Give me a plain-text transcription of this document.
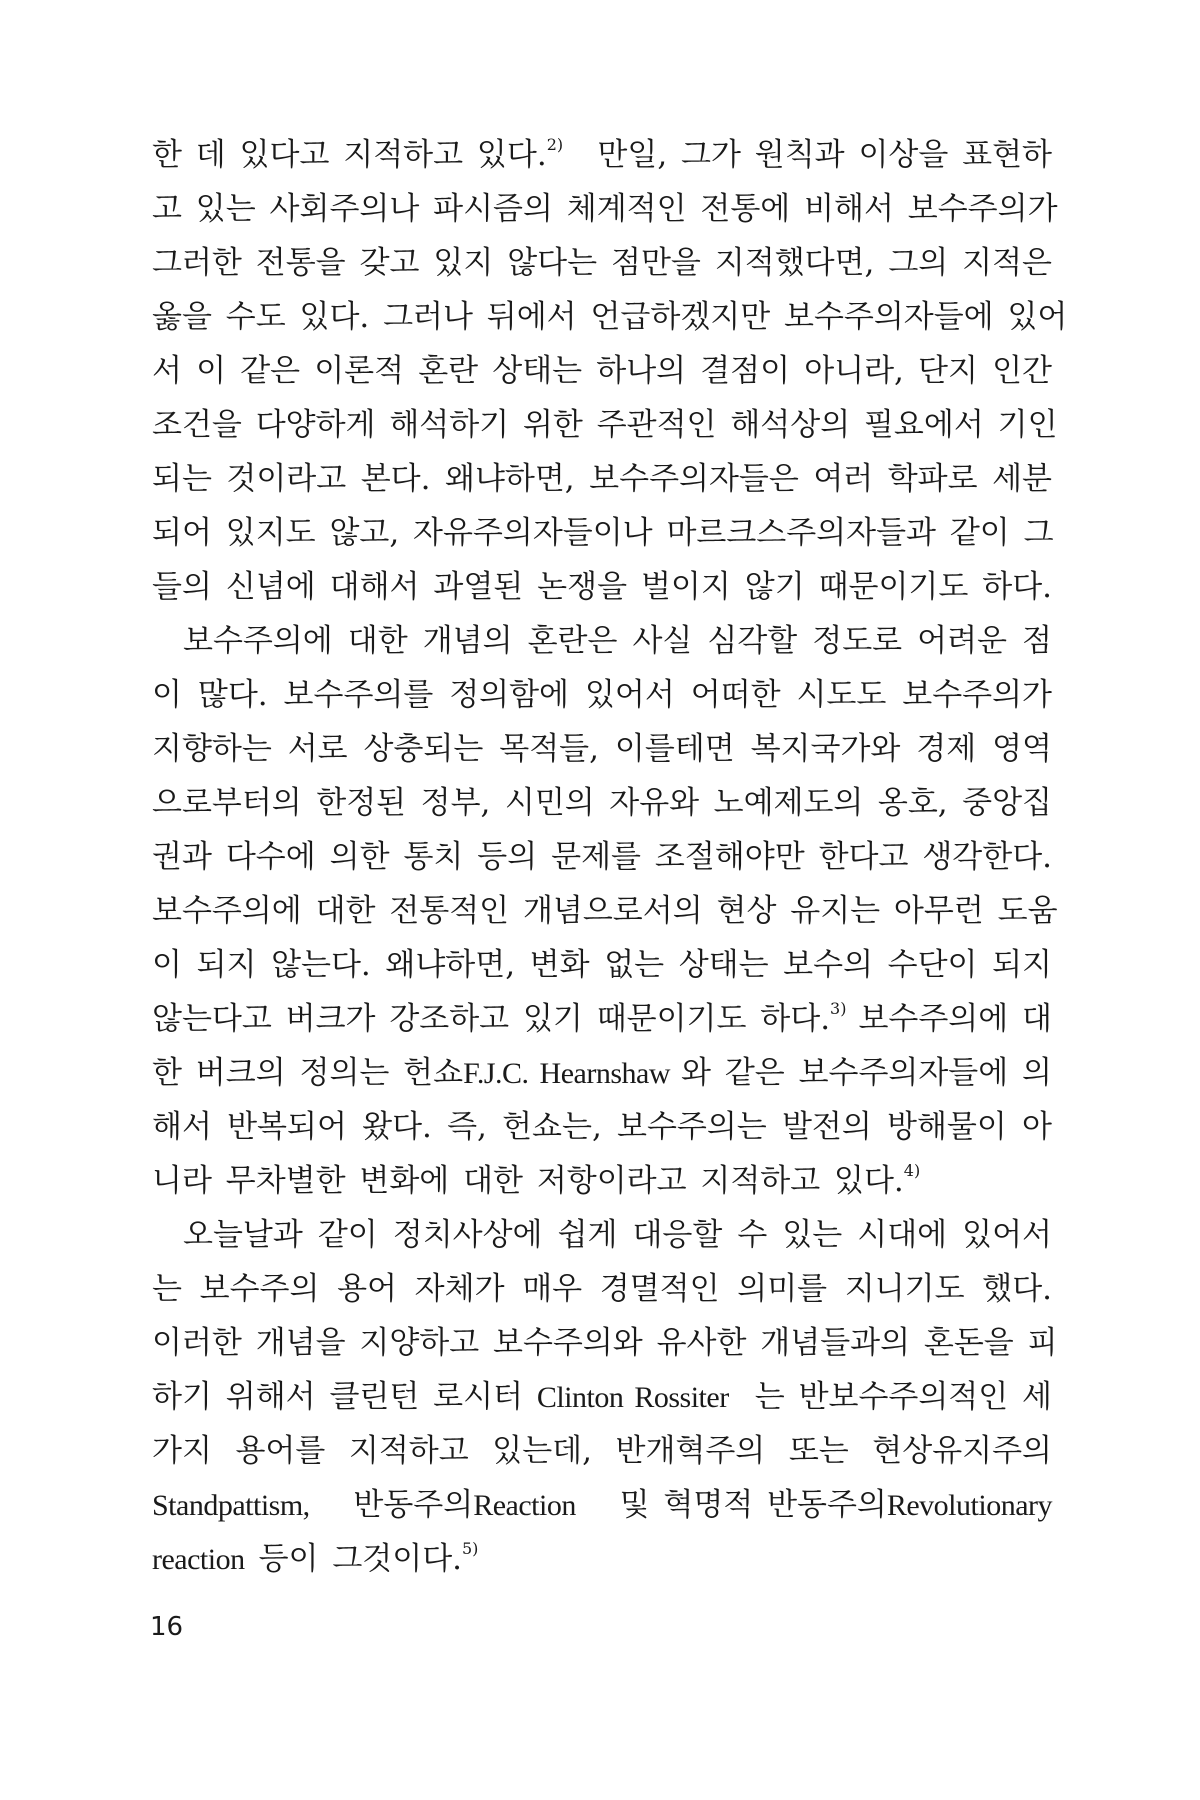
한 데 있다고 지적하고 있다.$^{2)}$ 만일, 그가 원칙과 이상을 표현하
고 있는 사회주의나 파시즘의 체계적인 전통에 비해서 보수주의가
그러한 전통을 갖고 있지 않다는 점만을 지적했다면, 그의 지적은
옳을 수도 있다. 그러나 뒤에서 언급하겠지만 보수주의자들에 있어
서 이 같은 이론적 혼란 상태는 하나의 결점이 아니라, 단지 인간
조건을 다양하게 해석하기 위한 주관적인 해석상의 필요에서 기인
되는 것이라고 본다. 왜냐하면, 보수주의자들은 여러 학파로 세분
되어 있지도 않고, 자유주의자들이나 마르크스주의자들과 같이 그
들의 신념에 대해서 과열된 논쟁을 벌이지 않기 때문이기도 하다.
보수주의에 대한 개념의 혼란은 사실 심각할 정도로 어려운 점
이 많다. 보수주의를 정의함에 있어서 어떠한 시도도 보수주의가
지향하는 서로 상충되는 목적들, 이를테면 복지국가와 경제 영역
으로부터의 한정된 정부, 시민의 자유와 노예제도의 옹호, 중앙집
권과 다수에 의한 통치 등의 문제를 조절해야만 한다고 생각한다.
보수주의에 대한 전통적인 개념으로서의 현상 유지는 아무런 도움
이 되지 않는다. 왜냐하면, 변화 없는 상태는 보수의 수단이 되지
않는다고 버크가 강조하고 있기 때문이기도 하다.$^{3)}$ 보수주의에 대
한 버크의 정의는 헌쇼F.J.C. Hearnshaw 와 같은 보수주의자들에 의
해서 반복되어 왔다. 즉, 헌쇼는, 보수주의는 발전의 방해물이 아
니라 무차별한 변화에 대한 저항이라고 지적하고 있다.$^{4)}$
오늘날과 같이 정치사상에 쉽게 대응할 수 있는 시대에 있어서
는 보수주의 용어 자체가 매우 경멸적인 의미를 지니기도 했다.
이러한 개념을 지양하고 보수주의와 유사한 개념들과의 혼돈을 피
하기 위해서 클린턴 로시터 Clinton Rossiter 는 반보수주의적인 세
가지 용어를 지적하고 있는데, 반개혁주의 또는 현상유지주의
Standpattism, 반동주의Reaction 및 혁명적 반동주의Revolutionary
reaction 등이 그것이다.$^{5)}$
16
